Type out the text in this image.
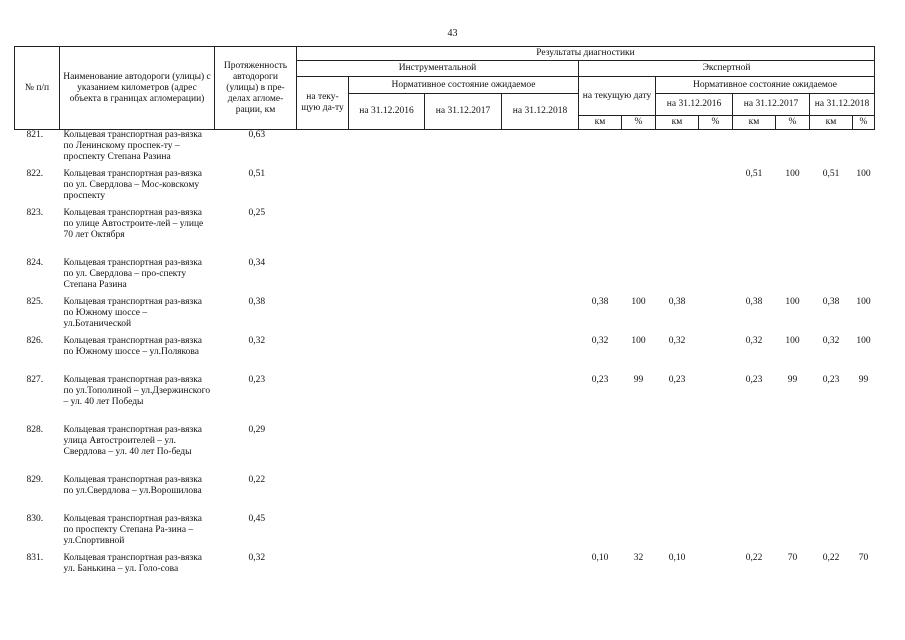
43
№ п/п	Наименование автодороги (улицы) с указанием километров (адрес объекта в границах агломерации)	Протяженность автодороги (улицы) в пре-делах агломе-рации, км	Результаты диагностики											
			Инструментальной				Экспертной							
			на теку-щую да-ту	Нормативное состояние ожидаемое			на текущую дату		Нормативное состояние ожидаемое					
				на 31.12.2016	на 31.12.2017	на 31.12.2018			на 31.12.2016		на 31.12.2017		на 31.12.2018	
							км	%	км	%	км	%	км	%
821.	Кольцевая транспортная раз-вязка по Ленинскому проспек-ту – проспекту Степана Разина	0,63												
822.	Кольцевая транспортная раз-вязка по ул. Свердлова – Мос-ковскому проспекту	0,51									0,51	100	0,51	100
823.	Кольцевая транспортная раз-вязка по улице Автостроите-лей – улице 70 лет Октября	0,25												
824.	Кольцевая транспортная раз-вязка по ул. Свердлова – про-спекту Степана Разина	0,34												
825.	Кольцевая транспортная раз-вязка по Южному шоссе – ул.Ботанической	0,38					0,38	100	0,38		0,38	100	0,38	100
826.	Кольцевая транспортная раз-вязка по Южному шоссе – ул.Полякова	0,32					0,32	100	0,32		0,32	100	0,32	100
827.	Кольцевая транспортная раз-вязка по ул.Тополиной – ул.Дзержинского – ул. 40 лет Победы	0,23					0,23	99	0,23		0,23	99	0,23	99
828.	Кольцевая транспортная раз-вязка улица Автостроителей – ул. Свердлова – ул. 40 лет По-беды	0,29												
829.	Кольцевая транспортная раз-вязка по ул.Свердлова – ул.Ворошилова	0,22												
830.	Кольцевая транспортная раз-вязка по проспекту Степана Ра-зина – ул.Спортивной	0,45												
831.	Кольцевая транспортная раз-вязка ул. Банькина – ул. Голо-сова	0,32					0,10	32	0,10		0,22	70	0,22	70
